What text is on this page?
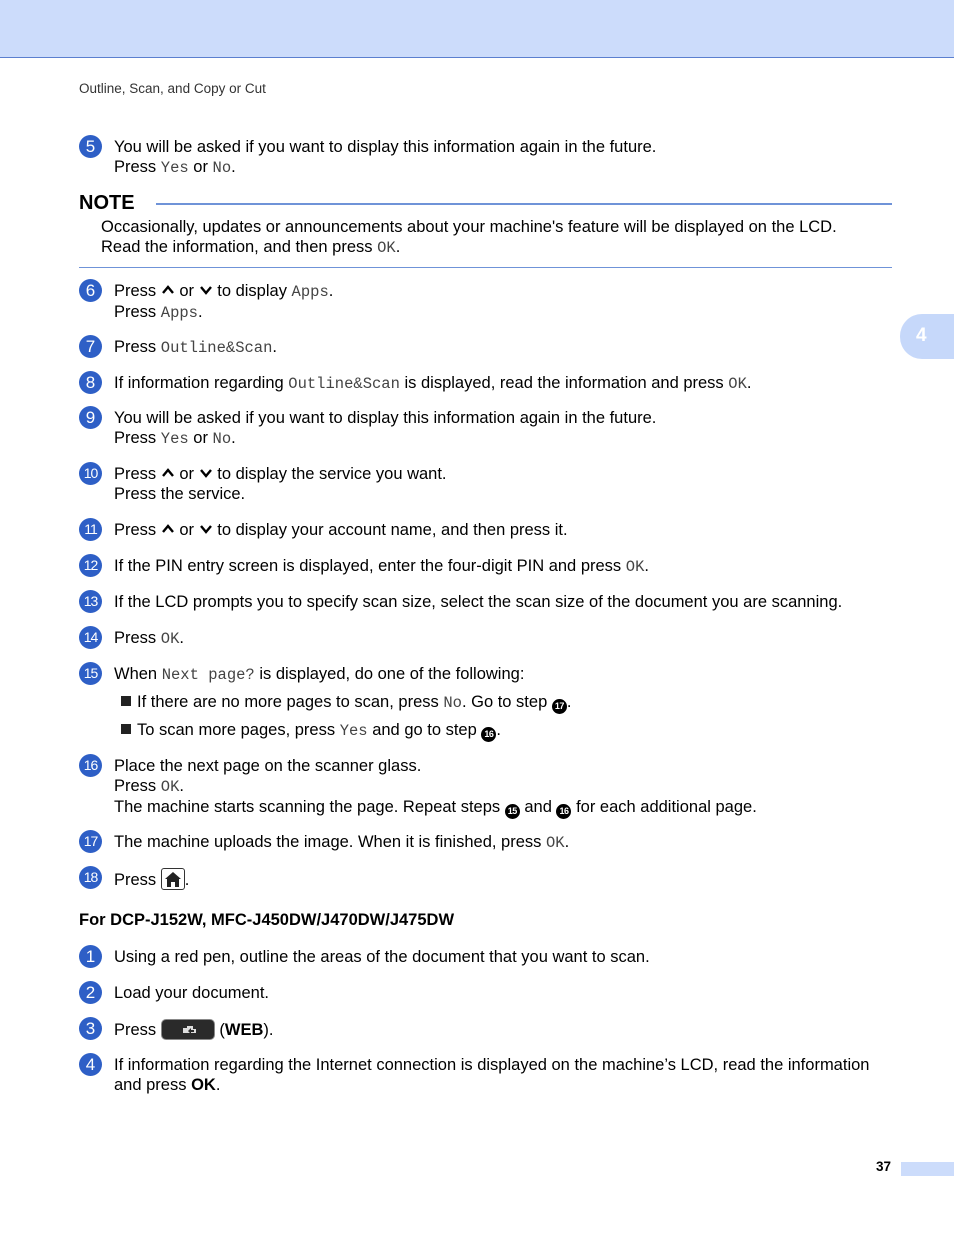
Outline, Scan, and Copy or Cut
4
5	You will be asked if you want to display this information again in the future.
Press Yes or No.
NOTE
Occasionally, updates or announcements about your machine's feature will be displayed on the LCD.
Read the information, and then press OK.
6	Press or to display Apps.
Press Apps.
7	Press Outline&Scan.
8	If information regarding Outline&Scan is displayed, read the information and press OK.
9	You will be asked if you want to display this information again in the future.
Press Yes or No.
10 Press or to display the service you want.
Press the service.
11	Press or to display your account name, and then press it.
12 If the PIN entry screen is displayed, enter the four-digit PIN and press OK.
13 If the LCD prompts you to specify scan size, select the scan size of the document you are scanning.
14 Press OK.
15 When Next page? is displayed, do one of the following:
If there are no more pages to scan, press No. Go to step 17 .
To scan more pages, press Yes and go to step 16 .
16 Place the next page on the scanner glass.
Press OK.
The machine starts scanning the page. Repeat steps 15 and 16 for each additional page.
17 The machine uploads the image. When it is finished, press OK.
18 Press .
For DCP-J152W, MFC-J450DW/J470DW/J475DW
1	Using a red pen, outline the areas of the document that you want to scan.
2	Load your document.
3	Press	(WEB).
4	If information regarding the Internet connection is displayed on the machine’s LCD, read the information
and press OK.
37
